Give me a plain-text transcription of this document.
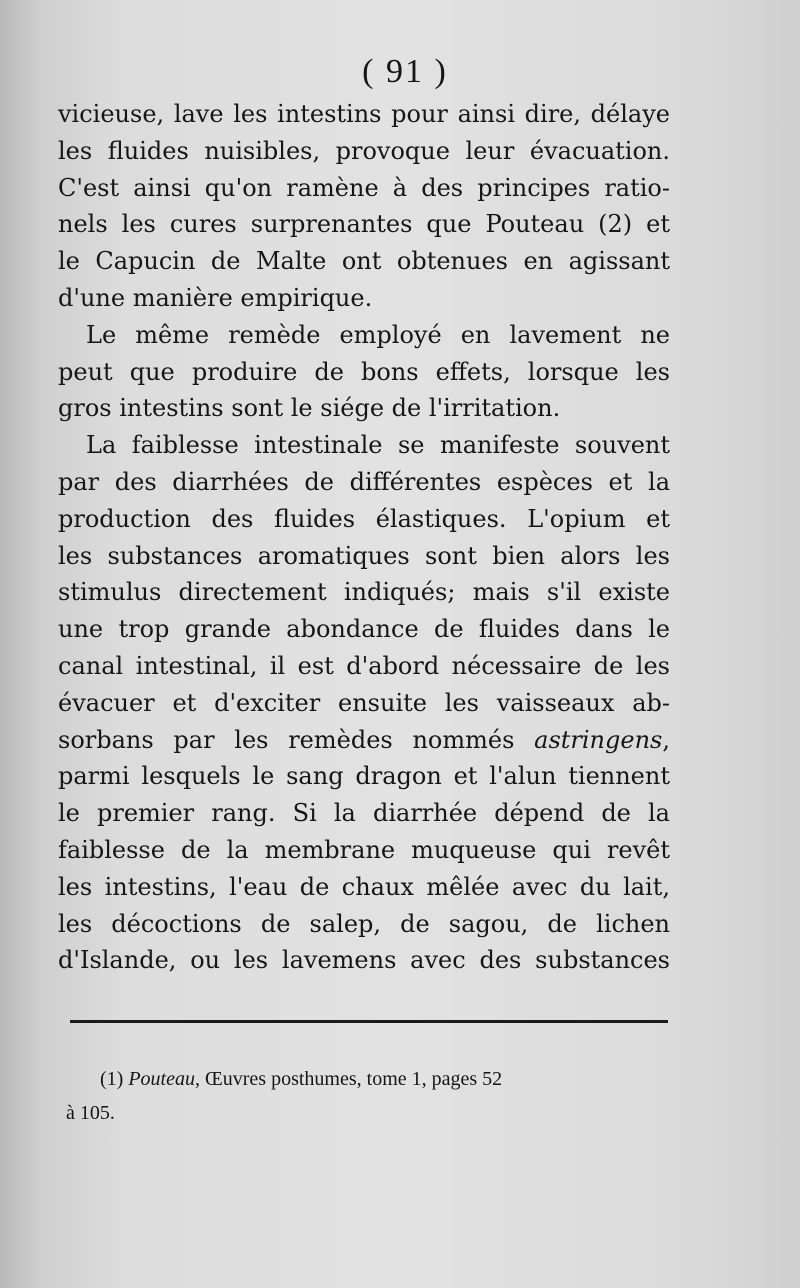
( 91 )
vicieuse, lave les intestins pour ainsi dire, délaye
les fluides nuisibles, provoque leur évacuation.
C'est ainsi qu'on ramène à des principes ratio-
nels les cures surprenantes que Pouteau (2) et
le Capucin de Malte ont obtenues en agissant
d'une manière empirique.
Le même remède employé en lavement ne
peut que produire de bons effets, lorsque les
gros intestins sont le siége de l'irritation.
La faiblesse intestinale se manifeste souvent
par des diarrhées de différentes espèces et la
production des fluides élastiques. L'opium et
les substances aromatiques sont bien alors les
stimulus directement indiqués; mais s'il existe
une trop grande abondance de fluides dans le
canal intestinal, il est d'abord nécessaire de les
évacuer et d'exciter ensuite les vaisseaux ab-
sorbans par les remèdes nommés astringens,
parmi lesquels le sang dragon et l'alun tiennent
le premier rang. Si la diarrhée dépend de la
faiblesse de la membrane muqueuse qui revêt
les intestins, l'eau de chaux mêlée avec du lait,
les décoctions de salep, de sagou, de lichen
d'Islande, ou les lavemens avec des substances
(1) Pouteau, Œuvres posthumes, tome 1, pages 52
à 105.
